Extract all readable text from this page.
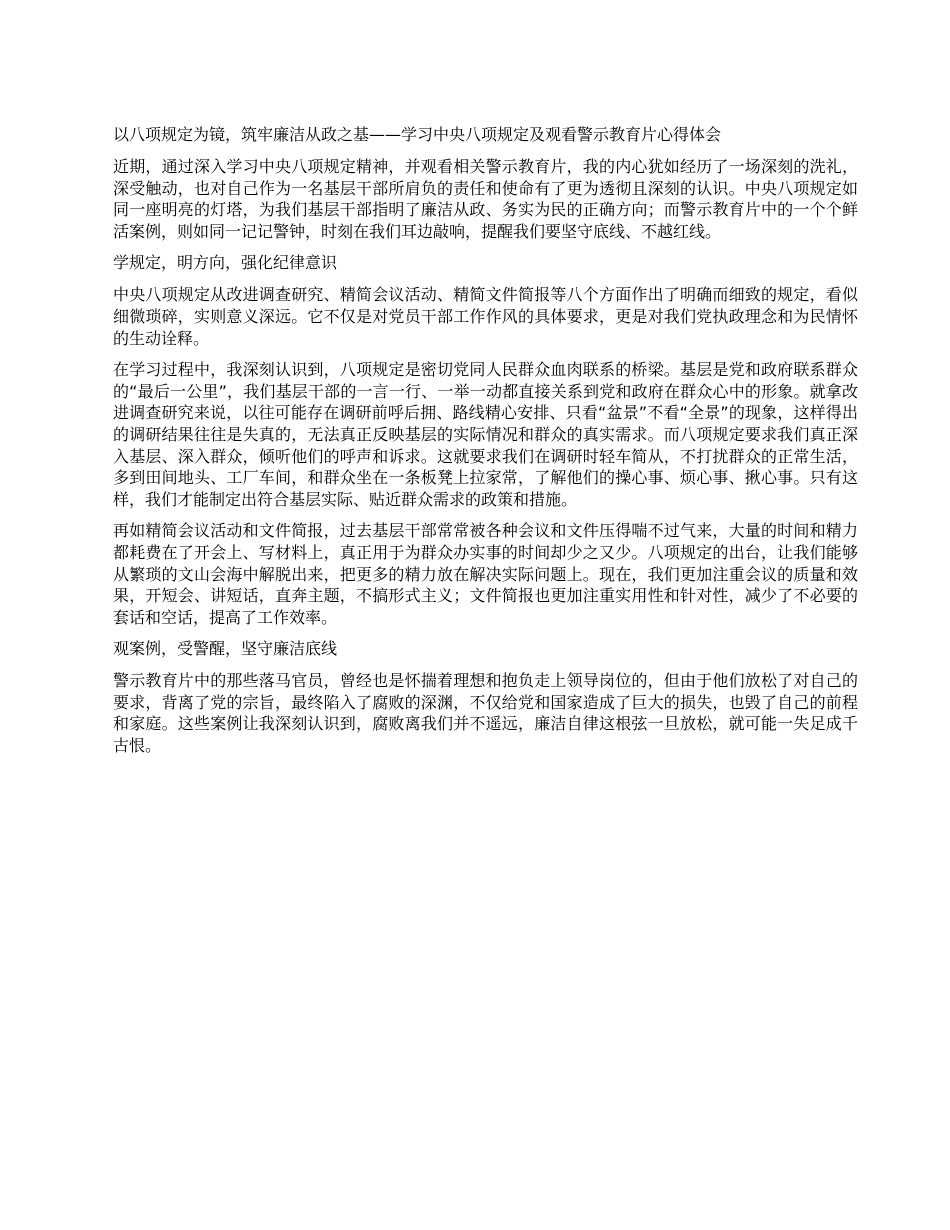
以八项规定为镜，筑牢廉洁从政之基——学习中央八项规定及观看警示教育片心得体会

近期，通过深入学习中央八项规定精神，并观看相关警示教育片，我的内心犹如经历了一场深刻的洗礼，深受触动，也对自己作为一名基层干部所肩负的责任和使命有了更为透彻且深刻的认识。中央八项规定如同一座明亮的灯塔，为我们基层干部指明了廉洁从政、务实为民的正确方向；而警示教育片中的一个个鲜活案例，则如同一记记警钟，时刻在我们耳边敲响，提醒我们要坚守底线、不越红线。

学规定，明方向，强化纪律意识

中央八项规定从改进调查研究、精简会议活动、精简文件简报等八个方面作出了明确而细致的规定，看似细微琐碎，实则意义深远。它不仅是对党员干部工作作风的具体要求，更是对我们党执政理念和为民情怀的生动诠释。

在学习过程中，我深刻认识到，八项规定是密切党同人民群众血肉联系的桥梁。基层是党和政府联系群众的“最后一公里”，我们基层干部的一言一行、一举一动都直接关系到党和政府在群众心中的形象。就拿改进调查研究来说，以往可能存在调研前呼后拥、路线精心安排、只看“盆景”不看“全景”的现象，这样得出的调研结果往往是失真的，无法真正反映基层的实际情况和群众的真实需求。而八项规定要求我们真正深入基层、深入群众，倾听他们的呼声和诉求。这就要求我们在调研时轻车简从，不打扰群众的正常生活，多到田间地头、工厂车间，和群众坐在一条板凳上拉家常，了解他们的操心事、烦心事、揪心事。只有这样，我们才能制定出符合基层实际、贴近群众需求的政策和措施。

再如精简会议活动和文件简报，过去基层干部常常被各种会议和文件压得喘不过气来，大量的时间和精力都耗费在了开会上、写材料上，真正用于为群众办实事的时间却少之又少。八项规定的出台，让我们能够从繁琐的文山会海中解脱出来，把更多的精力放在解决实际问题上。现在，我们更加注重会议的质量和效果，开短会、讲短话，直奔主题，不搞形式主义；文件简报也更加注重实用性和针对性，减少了不必要的套话和空话，提高了工作效率。

观案例，受警醒，坚守廉洁底线

警示教育片中的那些落马官员，曾经也是怀揣着理想和抱负走上领导岗位的，但由于他们放松了对自己的要求，背离了党的宗旨，最终陷入了腐败的深渊，不仅给党和国家造成了巨大的损失，也毁了自己的前程和家庭。这些案例让我深刻认识到，腐败离我们并不遥远，廉洁自律这根弦一旦放松，就可能一失足成千古恨。
